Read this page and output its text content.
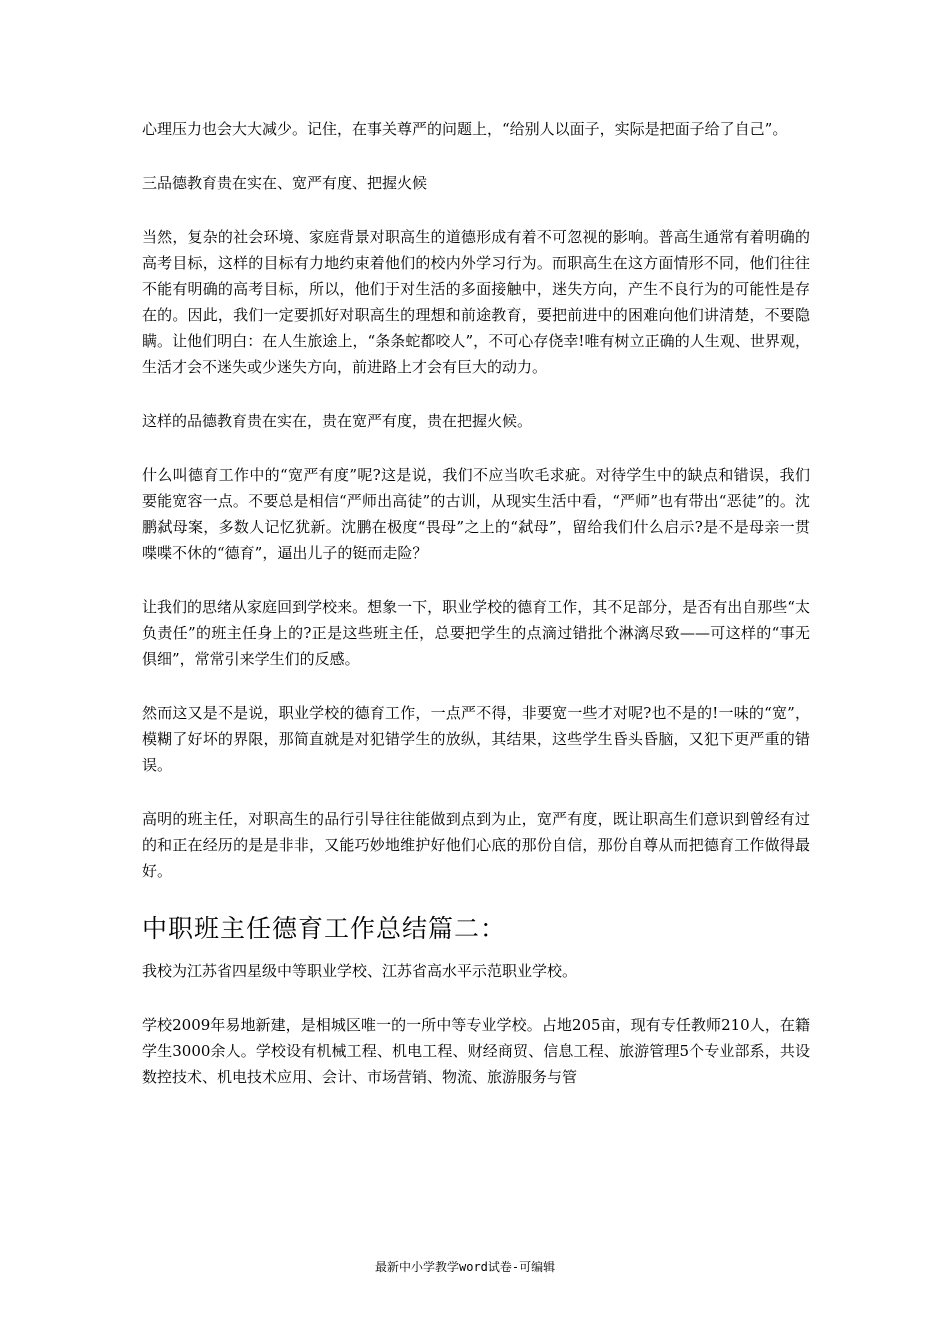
心理压力也会大大减少。记住，在事关尊严的问题上，“给别人以面子，实际是把面子给了自己”。

三品德教育贵在实在、宽严有度、把握火候

当然，复杂的社会环境、家庭背景对职高生的道德形成有着不可忽视的影响。普高生通常有着明确的高考目标，这样的目标有力地约束着他们的校内外学习行为。而职高生在这方面情形不同，他们往往不能有明确的高考目标，所以，他们于对生活的多面接触中，迷失方向，产生不良行为的可能性是存在的。因此，我们一定要抓好对职高生的理想和前途教育，要把前进中的困难向他们讲清楚，不要隐瞒。让他们明白：在人生旅途上，“条条蛇都咬人”，不可心存侥幸!唯有树立正确的人生观、世界观，生活才会不迷失或少迷失方向，前进路上才会有巨大的动力。

这样的品德教育贵在实在，贵在宽严有度，贵在把握火候。

什么叫德育工作中的“宽严有度”呢?这是说，我们不应当吹毛求疵。对待学生中的缺点和错误，我们要能宽容一点。不要总是相信“严师出高徒”的古训，从现实生活中看，“严师”也有带出“恶徒”的。沈鹏弑母案，多数人记忆犹新。沈鹏在极度“畏母”之上的“弑母”，留给我们什么启示?是不是母亲一贯喋喋不休的“德育”，逼出儿子的铤而走险？

让我们的思绪从家庭回到学校来。想象一下，职业学校的德育工作，其不足部分，是否有出自那些“太负责任”的班主任身上的?正是这些班主任，总要把学生的点滴过错批个淋漓尽致——可这样的“事无俱细”，常常引来学生们的反感。

然而这又是不是说，职业学校的德育工作，一点严不得，非要宽一些才对呢?也不是的!一味的“宽”，模糊了好坏的界限，那简直就是对犯错学生的放纵，其结果，这些学生昏头昏脑，又犯下更严重的错误。

高明的班主任，对职高生的品行引导往往能做到点到为止，宽严有度，既让职高生们意识到曾经有过的和正在经历的是是非非，又能巧妙地维护好他们心底的那份自信，那份自尊从而把德育工作做得最好。

中职班主任德育工作总结篇二：

我校为江苏省四星级中等职业学校、江苏省高水平示范职业学校。

学校2009年易地新建，是相城区唯一的一所中等专业学校。占地205亩，现有专任教师210人，在籍学生3000余人。学校设有机械工程、机电工程、财经商贸、信息工程、旅游管理5个专业部系，共设数控技术、机电技术应用、会计、市场营销、物流、旅游服务与管

最新中小学教学word试卷-可编辑
